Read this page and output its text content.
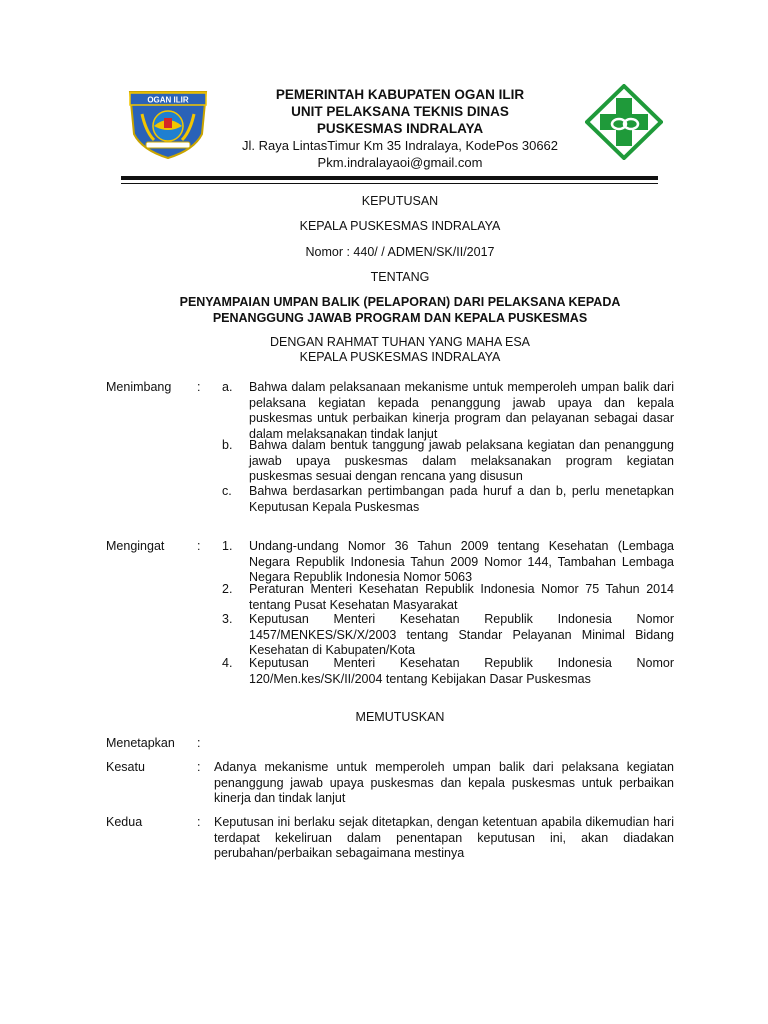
OGAN ILIR	PEMERINTAH KABUPATEN OGAN ILIR
UNIT PELAKSANA TEKNIS DINAS
PUSKESMAS INDRALAYA
Jl. Raya LintasTimur Km 35 Indralaya, KodePos 30662
Pkm.indralayaoi@gmail.com
KEPUTUSAN
KEPALA PUSKESMAS INDRALAYA
Nomor : 440/ / ADMEN/SK/II/2017
TENTANG
PENYAMPAIAN UMPAN BALIK (PELAPORAN) DARI PELAKSANA KEPADA
PENANGGUNG JAWAB PROGRAM DAN KEPALA PUSKESMAS
DENGAN RAHMAT TUHAN YANG MAHA ESA
KEPALA PUSKESMAS INDRALAYA
Menimbang : a.	Bahwa dalam pelaksanaan mekanisme untuk memperoleh umpan balik dari pelaksana kegiatan kepada penanggung jawab upaya dan kepala puskesmas untuk perbaikan kinerja program dan pelayanan sebagai dasar dalam melaksanakan tindak lanjut
b.	Bahwa dalam bentuk tanggung jawab pelaksana kegiatan dan penanggung jawab upaya puskesmas dalam melaksanakan program kegiatan puskesmas sesuai dengan rencana yang disusun
c.	Bahwa berdasarkan pertimbangan pada huruf a dan b, perlu menetapkan Keputusan Kepala Puskesmas
Mengingat	: 1.	Undang-undang Nomor 36 Tahun 2009 tentang Kesehatan (Lembaga Negara Republik Indonesia Tahun 2009 Nomor 144, Tambahan Lembaga Negara Republik Indonesia Nomor 5063
2.	Peraturan Menteri Kesehatan Republik Indonesia Nomor 75 Tahun 2014 tentang Pusat Kesehatan Masyarakat
3.	Keputusan Menteri Kesehatan Republik Indonesia Nomor 1457/MENKES/SK/X/2003 tentang Standar Pelayanan Minimal Bidang Kesehatan di Kabupaten/Kota
4.	Keputusan Menteri Kesehatan Republik Indonesia Nomor 120/Men.kes/SK/II/2004 tentang Kebijakan Dasar Puskesmas
MEMUTUSKAN
Menetapkan :
Kesatu	: Adanya mekanisme untuk memperoleh umpan balik dari pelaksana kegiatan penanggung jawab upaya puskesmas dan kepala puskesmas untuk perbaikan kinerja dan tindak lanjut
Kedua	: Keputusan ini berlaku sejak ditetapkan, dengan ketentuan apabila dikemudian hari terdapat kekeliruan dalam penentapan keputusan ini, akan diadakan perubahan/perbaikan sebagaimana mestinya
